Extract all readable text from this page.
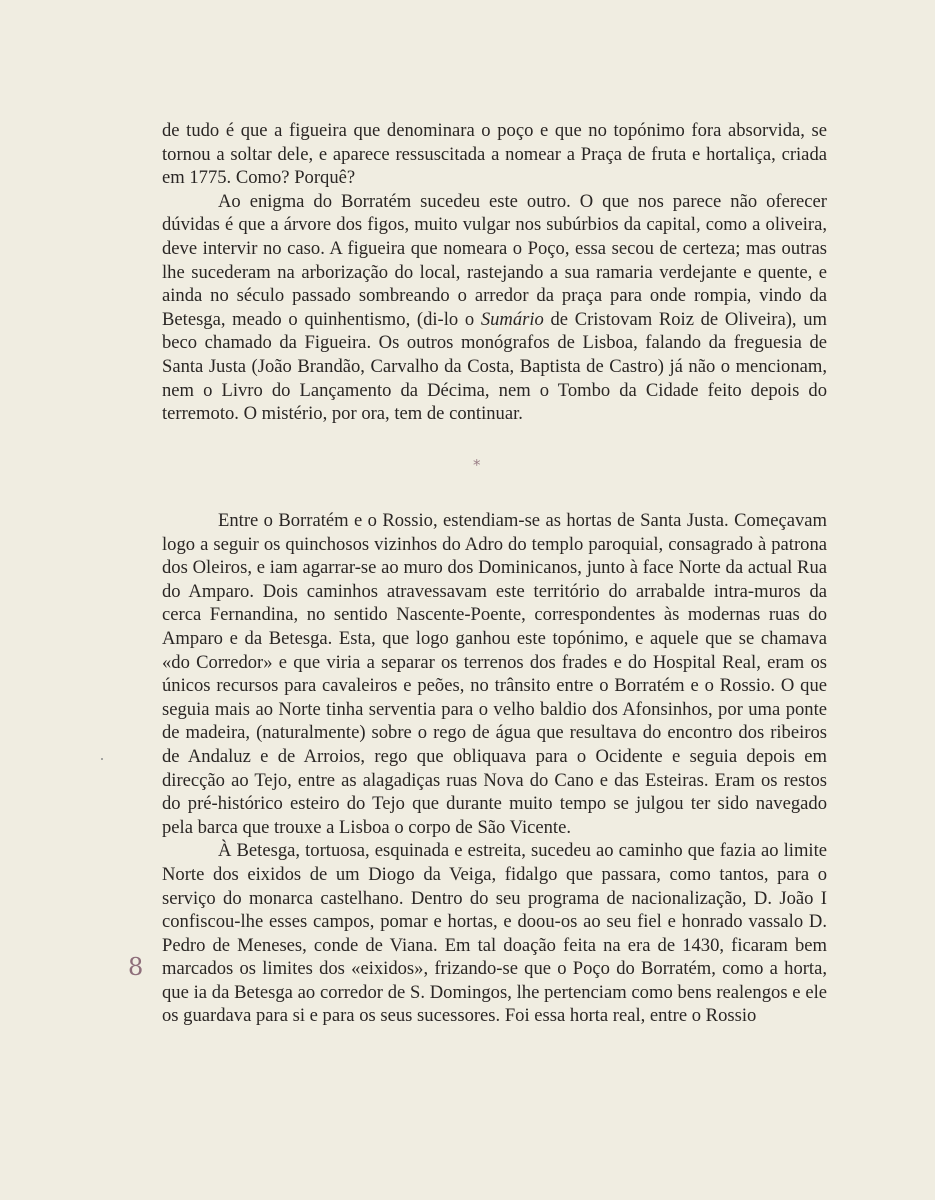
de tudo é que a figueira que denominara o poço e que no topónimo fora absorvida, se tornou a soltar dele, e aparece ressuscitada a nomear a Praça de fruta e hortaliça, criada em 1775. Como? Porquê?

Ao enigma do Borratém sucedeu este outro. O que nos parece não oferecer dúvidas é que a árvore dos figos, muito vulgar nos subúrbios da capital, como a oliveira, deve intervir no caso. A figueira que nomeara o Poço, essa secou de certeza; mas outras lhe sucederam na arborização do local, rastejando a sua ramaria verdejante e quente, e ainda no século passado sombreando o arredor da praça para onde rompia, vindo da Betesga, meado o quinhentismo, (di-lo o Sumário de Cristovam Roiz de Oliveira), um beco chamado da Figueira. Os outros monógrafos de Lisboa, falando da freguesia de Santa Justa (João Brandão, Carvalho da Costa, Baptista de Castro) já não o mencionam, nem o Livro do Lançamento da Décima, nem o Tombo da Cidade feito depois do terremoto. O mistério, por ora, tem de continuar.

*

Entre o Borratém e o Rossio, estendiam-se as hortas de Santa Justa. Começavam logo a seguir os quinchosos vizinhos do Adro do templo paroquial, consagrado à patrona dos Oleiros, e iam agarrar-se ao muro dos Dominicanos, junto à face Norte da actual Rua do Amparo. Dois caminhos atravessavam este território do arrabalde intra-muros da cerca Fernandina, no sentido Nascente-Poente, correspondentes às modernas ruas do Amparo e da Betesga. Esta, que logo ganhou este topónimo, e aquele que se chamava «do Corredor» e que viria a separar os terrenos dos frades e do Hospital Real, eram os únicos recursos para cavaleiros e peões, no trânsito entre o Borratém e o Rossio. O que seguia mais ao Norte tinha serventia para o velho baldio dos Afonsinhos, por uma ponte de madeira, (naturalmente) sobre o rego de água que resultava do encontro dos ribeiros de Andaluz e de Arroios, rego que obliquava para o Ocidente e seguia depois em direcção ao Tejo, entre as alagadiças ruas Nova do Cano e das Esteiras. Eram os restos do pré-histórico esteiro do Tejo que durante muito tempo se julgou ter sido navegado pela barca que trouxe a Lisboa o corpo de São Vicente.

À Betesga, tortuosa, esquinada e estreita, sucedeu ao caminho que fazia ao limite Norte dos eixidos de um Diogo da Veiga, fidalgo que passara, como tantos, para o serviço do monarca castelhano. Dentro do seu programa de nacionalização, D. João I confiscou-lhe esses campos, pomar e hortas, e doou-os ao seu fiel e honrado vassalo D. Pedro de Meneses, conde de Viana. Em tal doação feita na era de 1430, ficaram bem marcados os limites dos «eixidos», frizando-se que o Poço do Borratém, como a horta, que ia da Betesga ao corredor de S. Domingos, lhe pertenciam como bens realengos e ele os guardava para si e para os seus sucessores. Foi essa horta real, entre o Rossio

8
